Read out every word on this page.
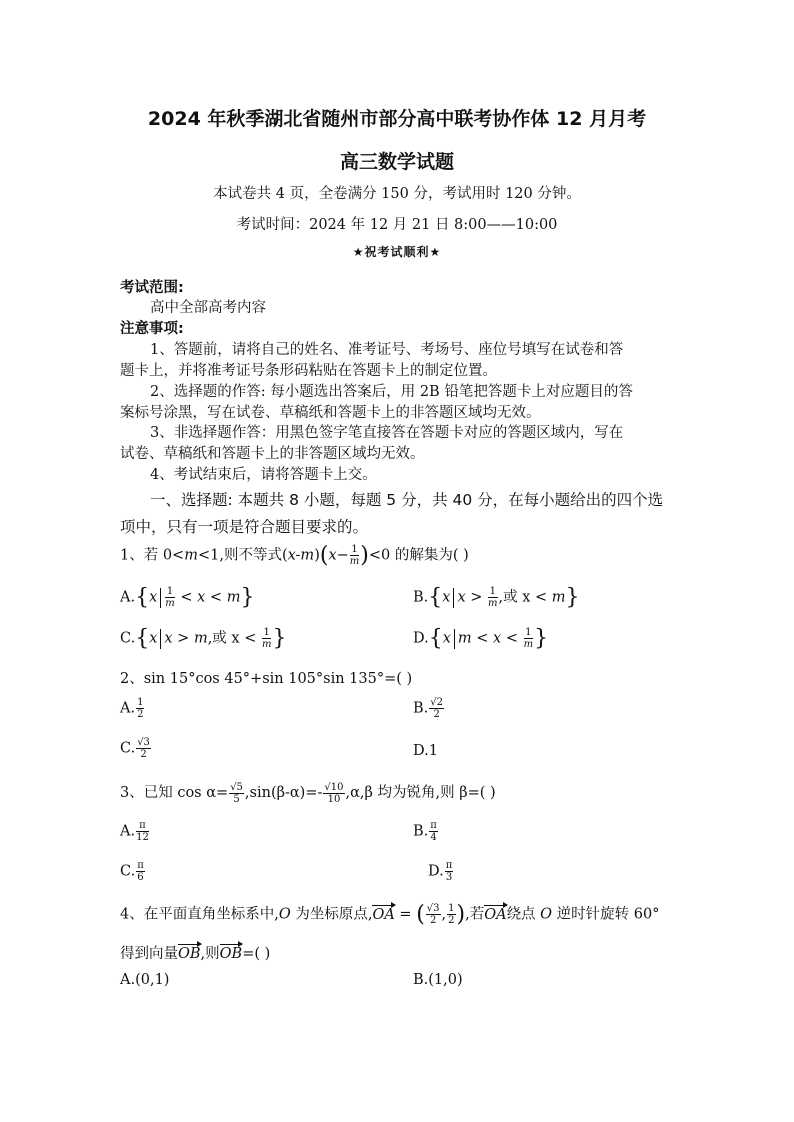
2024 年秋季湖北省随州市部分高中联考协作体 12 月月考
高三数学试题
本试卷共 4 页，全卷满分 150 分，考试用时 120 分钟。
考试时间：2024 年 12 月 21 日 8:00——10:00
★祝考试顺利★
考试范围:
高中全部高考内容
注意事项:
1、答题前，请将自己的姓名、准考证号、考场号、座位号填写在试卷和答
题卡上，并将准考证号条形码粘贴在答题卡上的制定位置。
2、选择题的作答: 每小题选出答案后，用 2B 铅笔把答题卡上对应题目的答
案标号涂黑，写在试卷、草稿纸和答题卡上的非答题区域均无效。
3、非选择题作答：用黑色签字笔直接答在答题卡对应的答题区域内，写在
试卷、草稿纸和答题卡上的非答题区域均无效。
4、考试结束后，请将答题卡上交。
一、选择题: 本题共 8 小题，每题 5 分，共 40 分，在每小题给出的四个选
项中，只有一项是符合题目要求的。
1、若 0<m<1,则不等式$(x-m)(x- \frac{1}{m} )<0$ 的解集为( )
$A.\{x \frac{1}{m} < x < m\}$	B.{x $x > \frac{1}{m}$ ,或 x < m}
C.{x x > m,或 $x < \frac{1}{m}$ }	D.{x $m < x < \frac{1}{m}$ }
2、sin 15°cos 45°+sin 105°sin 135°=( )
A. $\frac{1}{2}$	B. $\frac{√2}{2}$
C. $\frac{√3}{2}$	D.1
3、已知 $\cos \alpha= \frac{√5}{5} ,\sin(\beta-\alpha)=- \frac{√10}{10} ,\alpha,\beta$ 均为锐角,则 β=( )
A. $\frac{\pi}{12}$	B. $\frac{\pi}{4}$
C. $\frac{\pi}{6}$	D. $\frac{\pi}{3}$
4、在平面直角坐标系中,O 为坐标原点,OA = ( $\frac{√3}{2}$ , $\frac{1}{2}$ ),若OA绕点 O 逆时针旋转 60°
得到向量OB,则OB=( )
A.(0,1)	B.(1,0)
